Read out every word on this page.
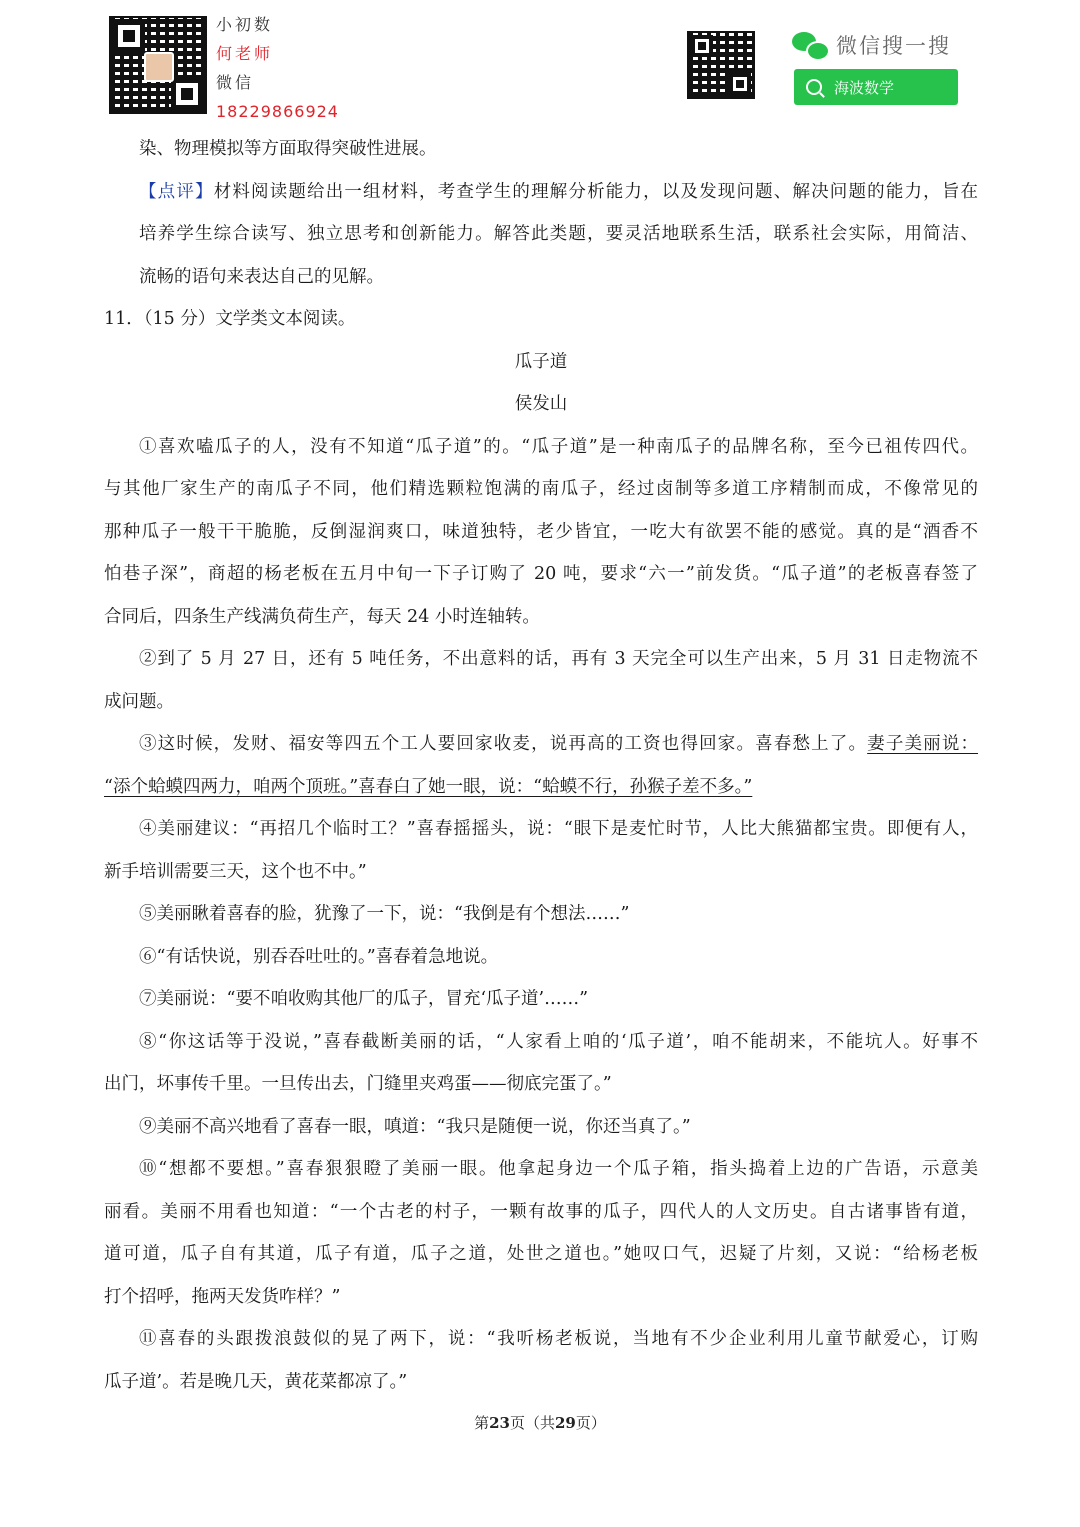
小初数
何老师
微信
18229866924
微信搜一搜
海波数学
染、物理模拟等方面取得突破性进展。
【点评】材料阅读题给出一组材料，考查学生的理解分析能力，以及发现问题、解决问题的能力，旨在
培养学生综合读写、独立思考和创新能力。解答此类题，要灵活地联系生活，联系社会实际，用简洁、
流畅的语句来表达自己的见解。
11．（15 分）文学类文本阅读。
瓜子道
侯发山
①喜欢嗑瓜子的人，没有不知道“瓜子道”的。“瓜子道”是一种南瓜子的品牌名称，至今已祖传四代。
与其他厂家生产的南瓜子不同，他们精选颗粒饱满的南瓜子，经过卤制等多道工序精制而成，不像常见的
那种瓜子一般干干脆脆，反倒湿润爽口，味道独特，老少皆宜，一吃大有欲罢不能的感觉。真的是“酒香不
怕巷子深”，商超的杨老板在五月中旬一下子订购了 20 吨，要求“六一”前发货。“瓜子道”的老板喜春签了
合同后，四条生产线满负荷生产，每天 24 小时连轴转。
②到了 5 月 27 日，还有 5 吨任务，不出意料的话，再有 3 天完全可以生产出来，5 月 31 日走物流不
成问题。
③这时候，发财、福安等四五个工人要回家收麦，说再高的工资也得回家。喜春愁上了。妻子美丽说：
“添个蛤蟆四两力，咱两个顶班。”喜春白了她一眼，说：“蛤蟆不行，孙猴子差不多。”
④美丽建议：“再招几个临时工？”喜春摇摇头，说：“眼下是麦忙时节，人比大熊猫都宝贵。即便有人，
新手培训需要三天，这个也不中。”
⑤美丽瞅着喜春的脸，犹豫了一下，说：“我倒是有个想法……”
⑥“有话快说，别吞吞吐吐的。”喜春着急地说。
⑦美丽说：“要不咱收购其他厂的瓜子，冒充‘瓜子道’……”
⑧“你这话等于没说，”喜春截断美丽的话，“人家看上咱的‘瓜子道’，咱不能胡来，不能坑人。好事不
出门，坏事传千里。一旦传出去，门缝里夹鸡蛋——彻底完蛋了。”
⑨美丽不高兴地看了喜春一眼，嗔道：“我只是随便一说，你还当真了。”
⑩“想都不要想。”喜春狠狠瞪了美丽一眼。他拿起身边一个瓜子箱，指头捣着上边的广告语，示意美
丽看。美丽不用看也知道：“一个古老的村子，一颗有故事的瓜子，四代人的人文历史。自古诸事皆有道，
道可道，瓜子自有其道，瓜子有道，瓜子之道，处世之道也。”她叹口气，迟疑了片刻，又说：“给杨老板
打个招呼，拖两天发货咋样？”
⑪喜春的头跟拨浪鼓似的晃了两下，说：“我听杨老板说，当地有不少企业利用儿童节献爱心，订购
瓜子道’。若是晚几天，黄花菜都凉了。”
第23页（共29页）
